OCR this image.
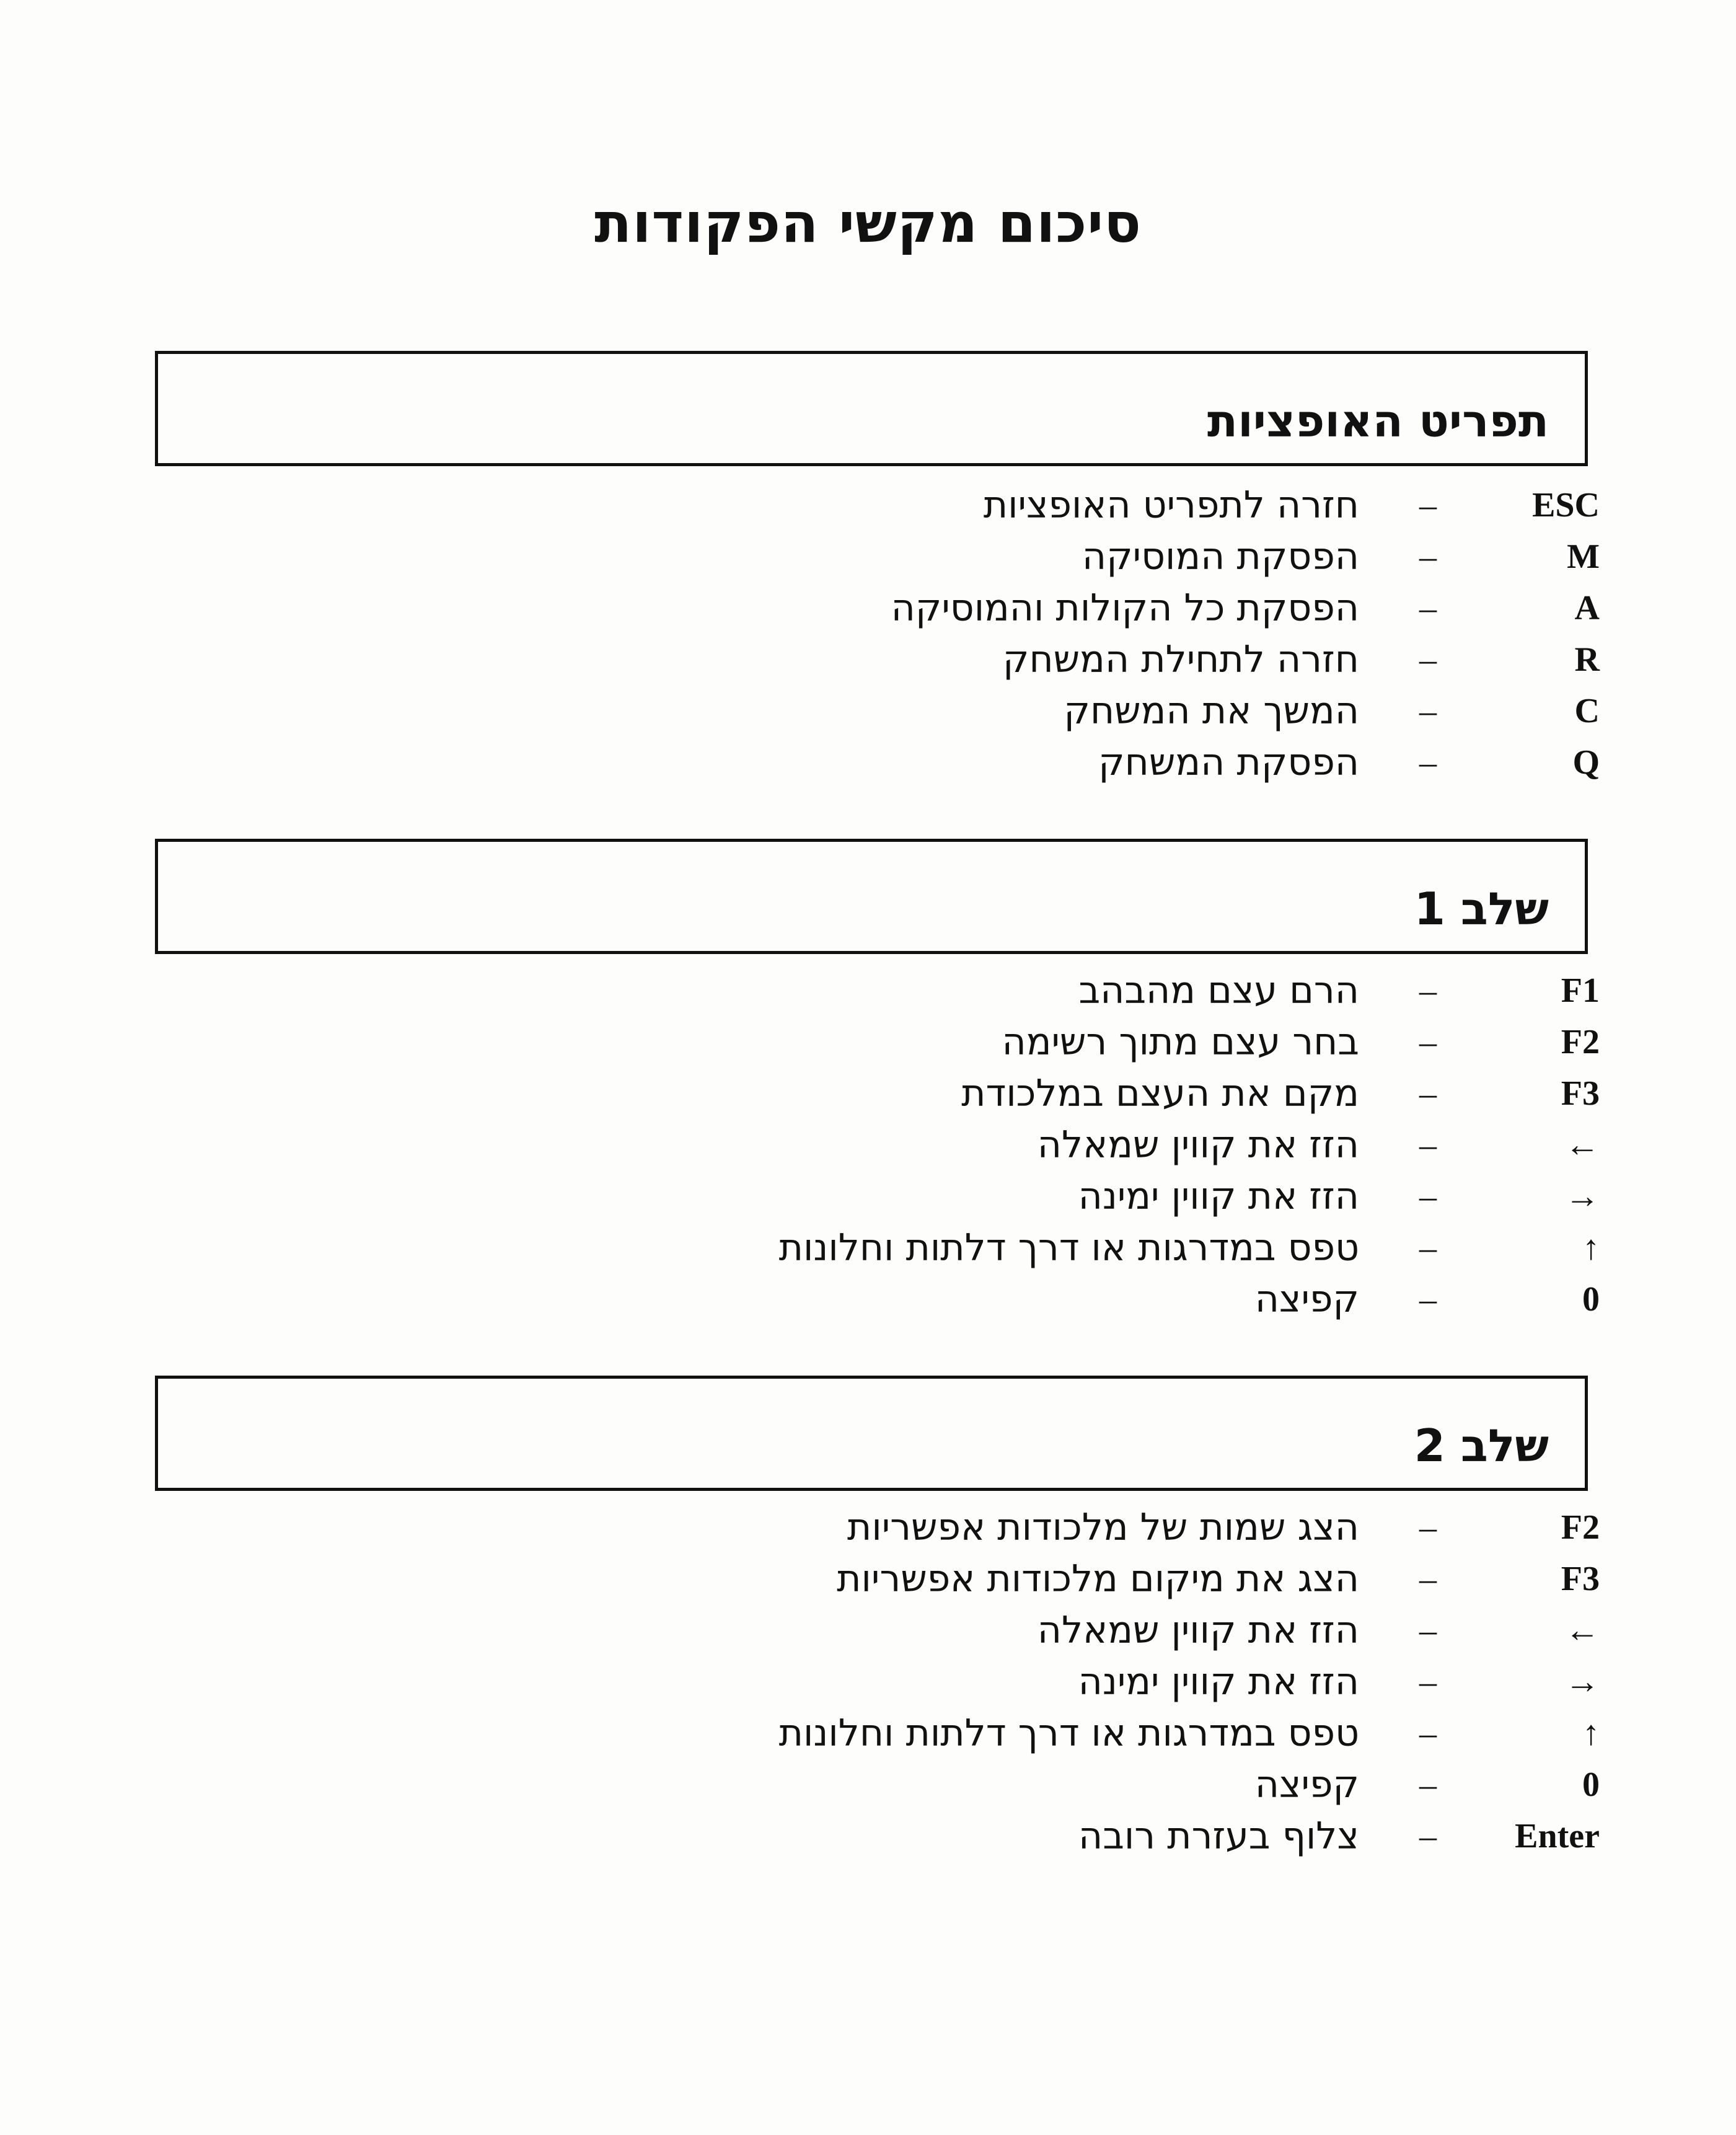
סיכום מקשי הפקודות
תפריט האופציות
ESC
–
חזרה לתפריט האופציות
M
–
הפסקת המוסיקה
A
–
הפסקת כל הקולות והמוסיקה
R
–
חזרה לתחילת המשחק
C
–
המשך את המשחק
Q
–
הפסקת המשחק
שלב 1
F1
–
הרם עצם מהבהב
F2
–
בחר עצם מתוך רשימה
F3
–
מקם את העצם במלכודת
←
–
הזז את קווין שמאלה
→
–
הזז את קווין ימינה
↑
–
טפס במדרגות או דרך דלתות וחלונות
0
–
קפיצה
שלב 2
F2
–
הצג שמות של מלכודות אפשריות
F3
–
הצג את מיקום מלכודות אפשריות
←
–
הזז את קווין שמאלה
→
–
הזז את קווין ימינה
↑
–
טפס במדרגות או דרך דלתות וחלונות
0
–
קפיצה
Enter
–
צלוף בעזרת רובה
